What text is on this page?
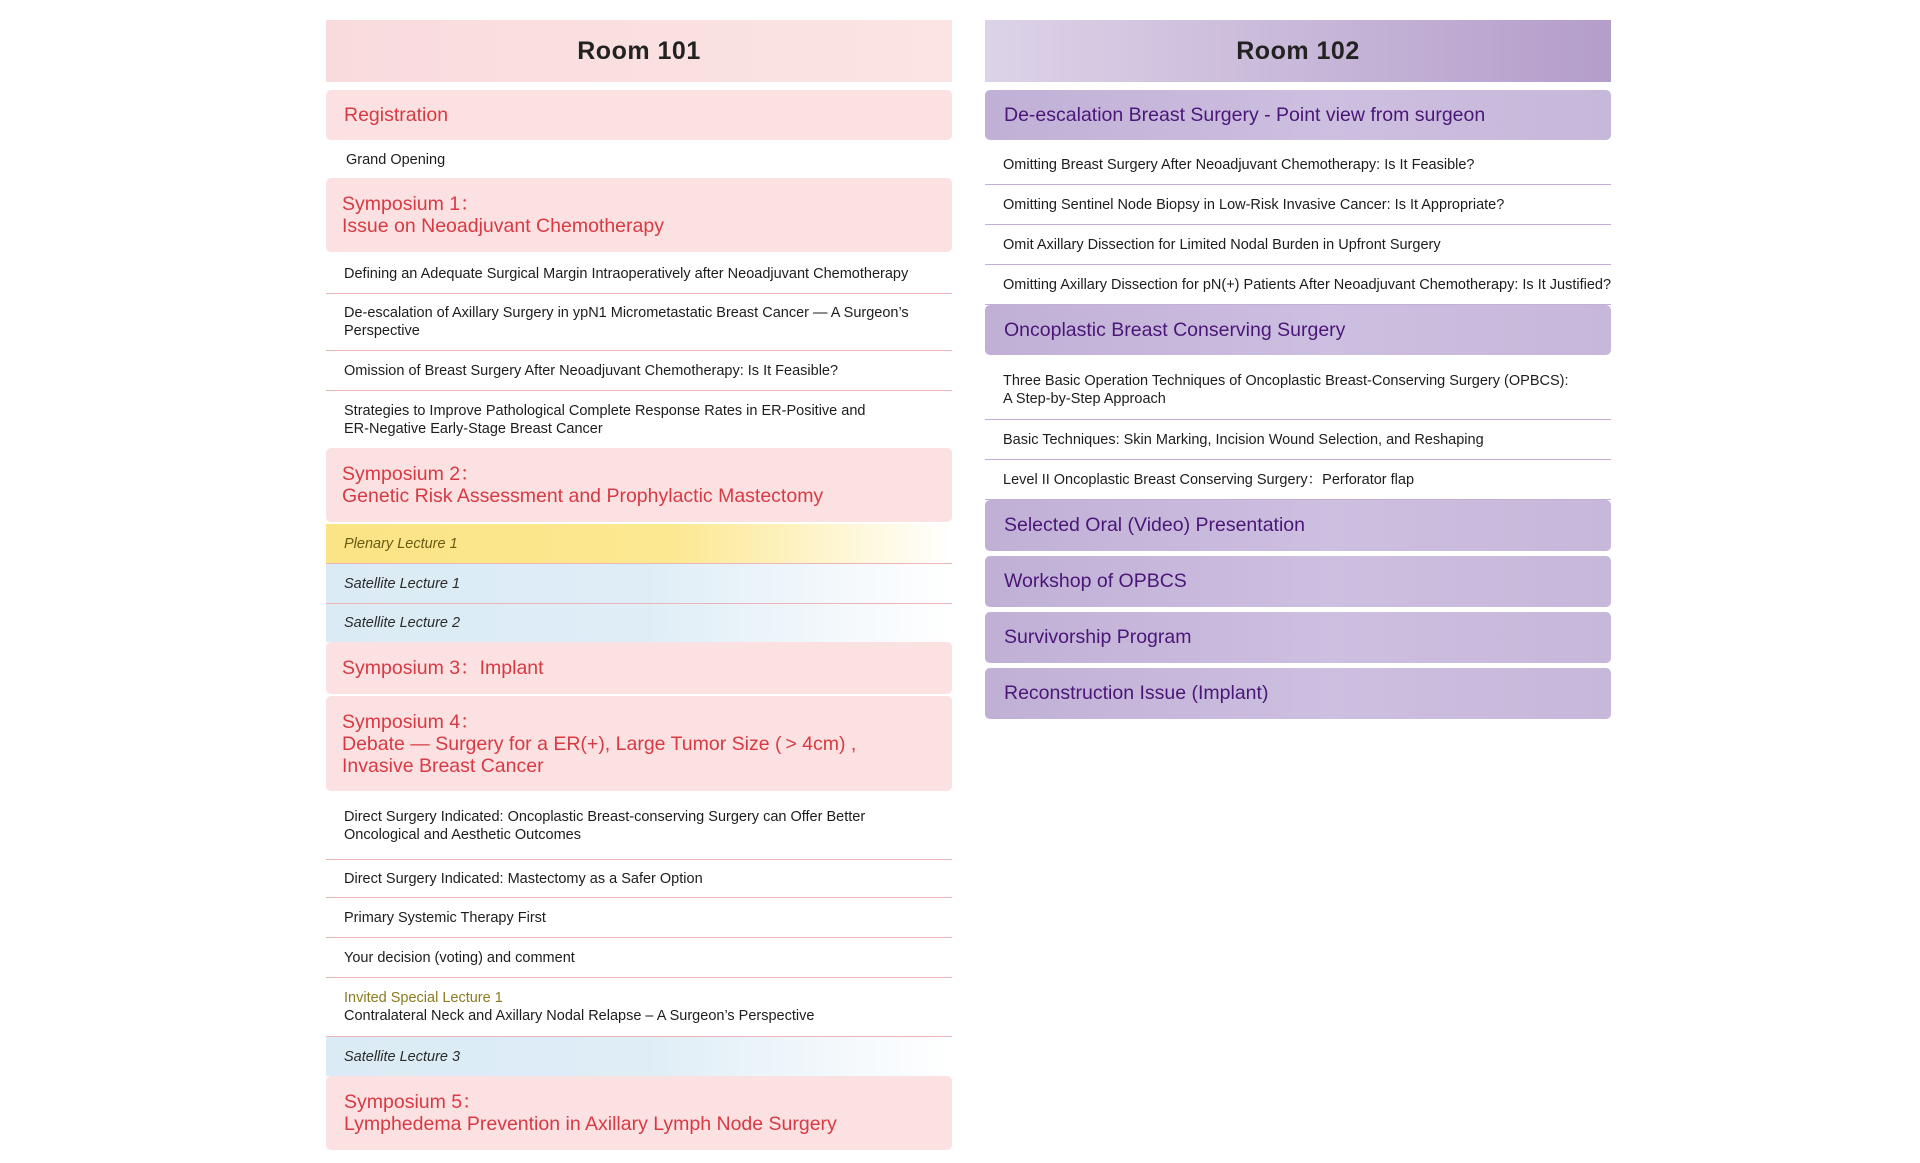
Room 101
Registration
Grand Opening
Symposium 1：
Issue on Neoadjuvant Chemotherapy
Defining an Adequate Surgical Margin Intraoperatively after Neoadjuvant Chemotherapy
De-escalation of Axillary Surgery in ypN1 Micrometastatic Breast Cancer — A Surgeon’s Perspective
Omission of Breast Surgery After Neoadjuvant Chemotherapy: Is It Feasible?
Strategies to Improve Pathological Complete Response Rates in ER-Positive and ER-Negative Early-Stage Breast Cancer
Symposium 2：
Genetic Risk Assessment and Prophylactic Mastectomy
Plenary Lecture 1
Satellite Lecture 1
Satellite Lecture 2
Symposium 3：Implant
Symposium 4：
Debate — Surgery for a ER(+), Large Tumor Size ( > 4cm) , Invasive Breast Cancer
Direct Surgery Indicated: Oncoplastic Breast-conserving Surgery can Offer Better Oncological and Aesthetic Outcomes
Direct Surgery Indicated: Mastectomy as a Safer Option
Primary Systemic Therapy First
Your decision (voting) and comment
Invited Special Lecture 1
Contralateral Neck and Axillary Nodal Relapse – A Surgeon’s Perspective
Satellite Lecture 3
Symposium 5：
Lymphedema Prevention in Axillary Lymph Node Surgery
Room 102
De-escalation Breast Surgery - Point view from surgeon
Omitting Breast Surgery After Neoadjuvant Chemotherapy: Is It Feasible?
Omitting Sentinel Node Biopsy in Low-Risk Invasive Cancer: Is It Appropriate?
Omit Axillary Dissection for Limited Nodal Burden in Upfront Surgery
Omitting Axillary Dissection for pN(+) Patients After Neoadjuvant Chemotherapy: Is It Justified?
Oncoplastic Breast Conserving Surgery
Three Basic Operation Techniques of Oncoplastic Breast-Conserving Surgery (OPBCS): A Step-by-Step Approach
Basic Techniques: Skin Marking, Incision Wound Selection, and Reshaping
Level II Oncoplastic Breast Conserving Surgery：Perforator flap
Selected Oral (Video) Presentation
Workshop of OPBCS
Survivorship Program
Reconstruction Issue (Implant)
